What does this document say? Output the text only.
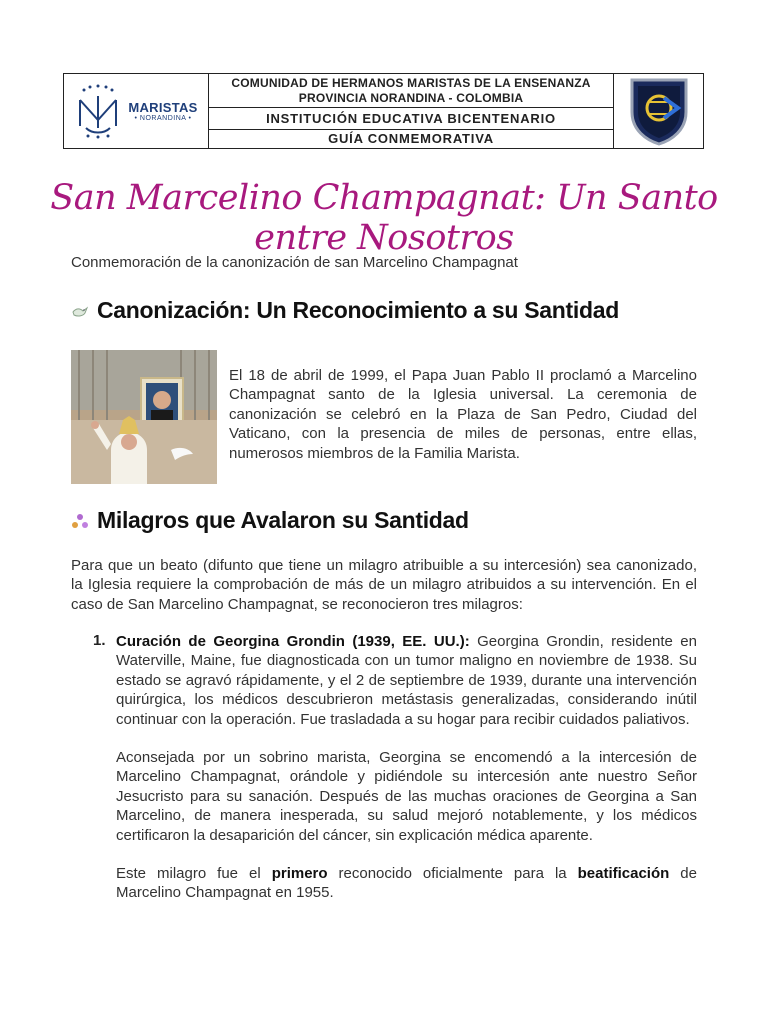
MARISTAS
• NORANDINA •
COMUNIDAD DE HERMANOS MARISTAS DE LA ENSENANZA
PROVINCIA NORANDINA - COLOMBIA
INSTITUCIÓN EDUCATIVA BICENTENARIO
GUÍA CONMEMORATIVA
San Marcelino Champagnat: Un Santo entre Nosotros
Conmemoración de la canonización de san Marcelino Champagnat
Canonización: Un Reconocimiento a su Santidad
El 18 de abril de 1999, el Papa Juan Pablo II proclamó a Marcelino Champagnat santo de la Iglesia universal. La ceremonia de canonización se celebró en la Plaza de San Pedro, Ciudad del Vaticano, con la presencia de miles de personas, entre ellas, numerosos miembros de la Familia Marista.
Milagros que Avalaron su Santidad
Para que un beato (difunto que tiene un milagro atribuible a su intercesión) sea canonizado, la Iglesia requiere la comprobación de más de un milagro atribuidos a su intervención. En el caso de San Marcelino Champagnat, se reconocieron tres milagros:
1. Curación de Georgina Grondin (1939, EE. UU.): Georgina Grondin, residente en Waterville, Maine, fue diagnosticada con un tumor maligno en noviembre de 1938. Su estado se agravó rápidamente, y el 2 de septiembre de 1939, durante una intervención quirúrgica, los médicos descubrieron metástasis generalizadas, considerando inútil continuar con la operación. Fue trasladada a su hogar para recibir cuidados paliativos.

Aconsejada por un sobrino marista, Georgina se encomendó a la intercesión de Marcelino Champagnat, orándole y pidiéndole su intercesión ante nuestro Señor Jesucristo para su sanación. Después de las muchas oraciones de Georgina a San Marcelino, de manera inesperada, su salud mejoró notablemente, y los médicos certificaron la desaparición del cáncer, sin explicación médica aparente.

Este milagro fue el primero reconocido oficialmente para la beatificación de Marcelino Champagnat en 1955.
